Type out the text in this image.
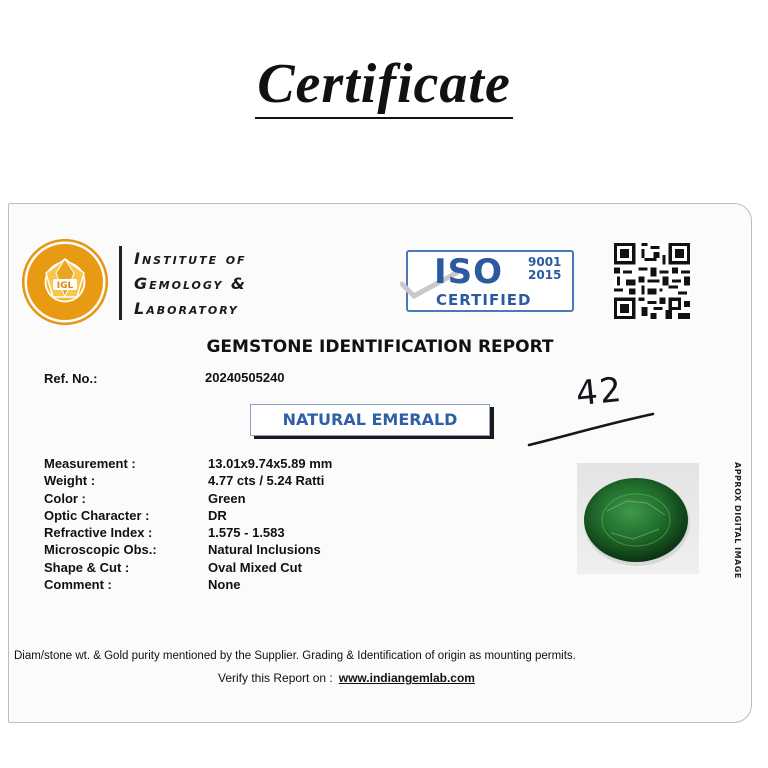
Certificate
IGL
Institute of
Gemology &
Laboratory
ISO 9001
2015
CERTIFIED
GEMSTONE IDENTIFICATION REPORT
Ref. No.:	20240505240
NATURAL EMERALD
42
Measurement :	13.01x9.74x5.89 mm
Weight :	4.77 cts / 5.24 Ratti
Color :	Green
Optic Character :	DR
Refractive Index :	1.575 - 1.583
Microscopic Obs.:	Natural Inclusions
Shape & Cut :	Oval Mixed Cut
Comment :	None
APPROX DIGITAL IMAGE
Diam/stone wt. & Gold purity mentioned by the Supplier. Grading & Identification of origin as mounting permits.
Verify this Report on : www.indiangemlab.com
